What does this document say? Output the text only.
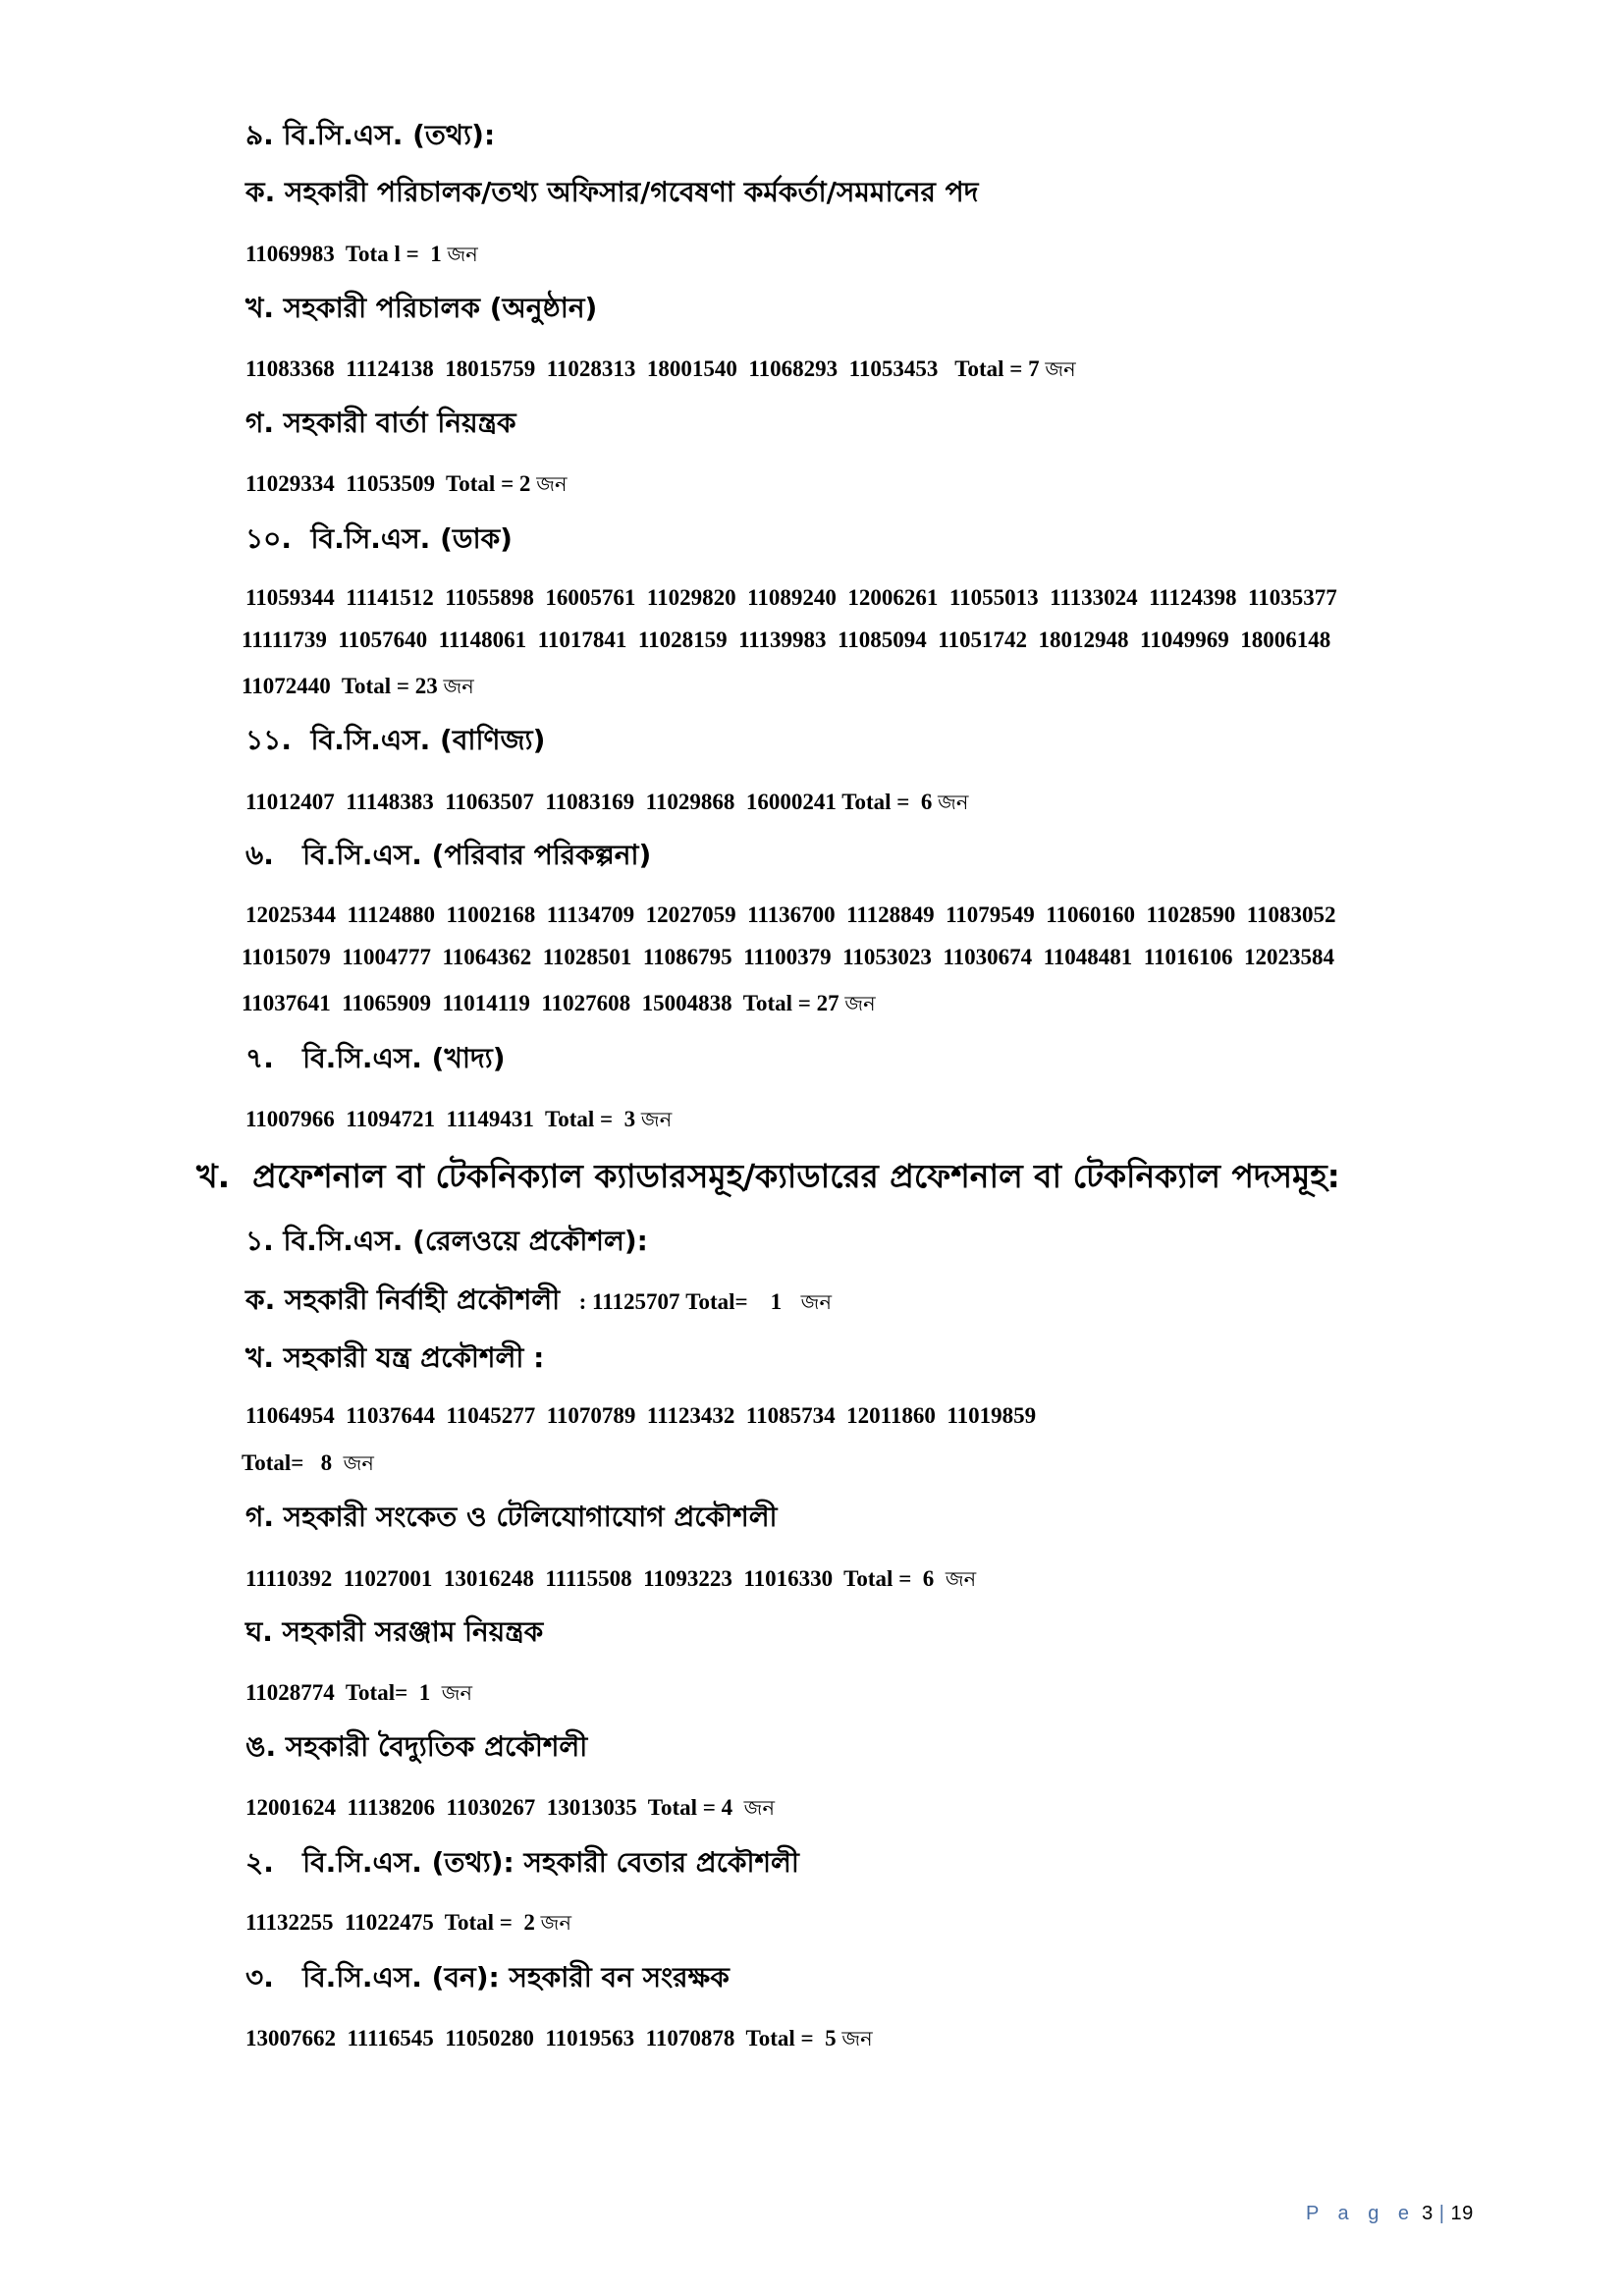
৯. বি.সি.এস. (তথ্য):
ক. সহকারী পরিচালক/তথ্য অফিসার/গবেষণা কর্মকর্তা/সমমানের পদ
11069983  Tota l =  1 জন
খ. সহকারী পরিচালক (অনুষ্ঠান)
11083368  11124138  18015759  11028313  18001540  11068293  11053453   Total = 7 জন
গ. সহকারী বার্তা নিয়ন্ত্রক
11029334  11053509  Total = 2 জন
১০.  বি.সি.এস. (ডাক)
11059344  11141512  11055898  16005761  11029820  11089240  12006261  11055013  11133024  11124398  11035377
11111739  11057640  11148061  11017841  11028159  11139983  11085094  11051742  18012948  11049969  18006148
11072440  Total = 23 জন
১১.  বি.সি.এস. (বাণিজ্য)
11012407  11148383  11063507  11083169  11029868  16000241 Total =  6 জন
৬.   বি.সি.এস. (পরিবার পরিকল্পনা)
12025344  11124880  11002168  11134709  12027059  11136700  11128849  11079549  11060160  11028590  11083052
11015079  11004777  11064362  11028501  11086795  11100379  11053023  11030674  11048481  11016106  12023584
11037641  11065909  11014119  11027608  15004838  Total = 27 জন
৭.   বি.সি.এস. (খাদ্য)
11007966  11094721  11149431  Total =  3 জন
খ.  প্রফেশনাল বা টেকনিক্যাল ক্যাডারসমূহ/ক্যাডারের প্রফেশনাল বা টেকনিক্যাল পদসমূহ:
১. বি.সি.এস. (রেলওয়ে প্রকৌশল):
ক. সহকারী নির্বাহী প্রকৌশলী  : 11125707 Total=    1 জন
খ. সহকারী যন্ত্র প্রকৌশলী :
11064954  11037644  11045277  11070789  11123432  11085734  12011860  11019859
Total=   8 জন
গ. সহকারী সংকেত ও টেলিযোগাযোগ প্রকৌশলী
11110392  11027001  13016248  11115508  11093223  11016330  Total =  6 জন
ঘ. সহকারী সরঞ্জাম নিয়ন্ত্রক
11028774  Total=  1 জন
ঙ. সহকারী বৈদ্যুতিক প্রকৌশলী
12001624  11138206  11030267  13013035  Total = 4 জন
২.   বি.সি.এস. (তথ্য): সহকারী বেতার প্রকৌশলী
11132255  11022475  Total =  2 জন
৩.   বি.সি.এস. (বন): সহকারী বন সংরক্ষক
13007662  11116545  11050280  11019563  11070878  Total =  5 জন
P a g e 3 | 19
